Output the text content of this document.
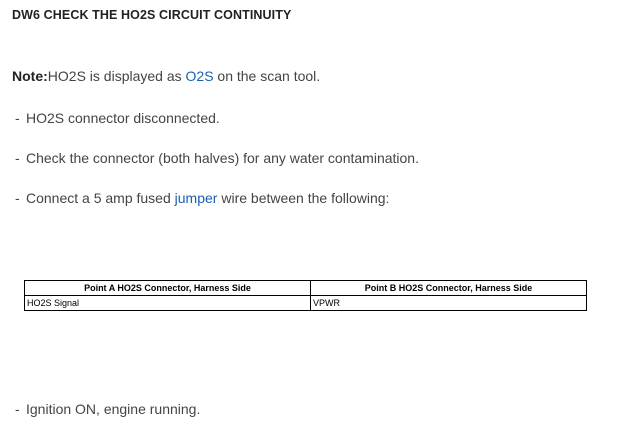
DW6 CHECK THE HO2S CIRCUIT CONTINUITY
Note:HO2S is displayed as O2S on the scan tool.
- HO2S connector disconnected.
- Check the connector (both halves) for any water contamination.
- Connect a 5 amp fused jumper wire between the following:
Point A HO2S Connector, Harness Side	Point B HO2S Connector, Harness Side
HO2S Signal	VPWR
- Ignition ON, engine running.
